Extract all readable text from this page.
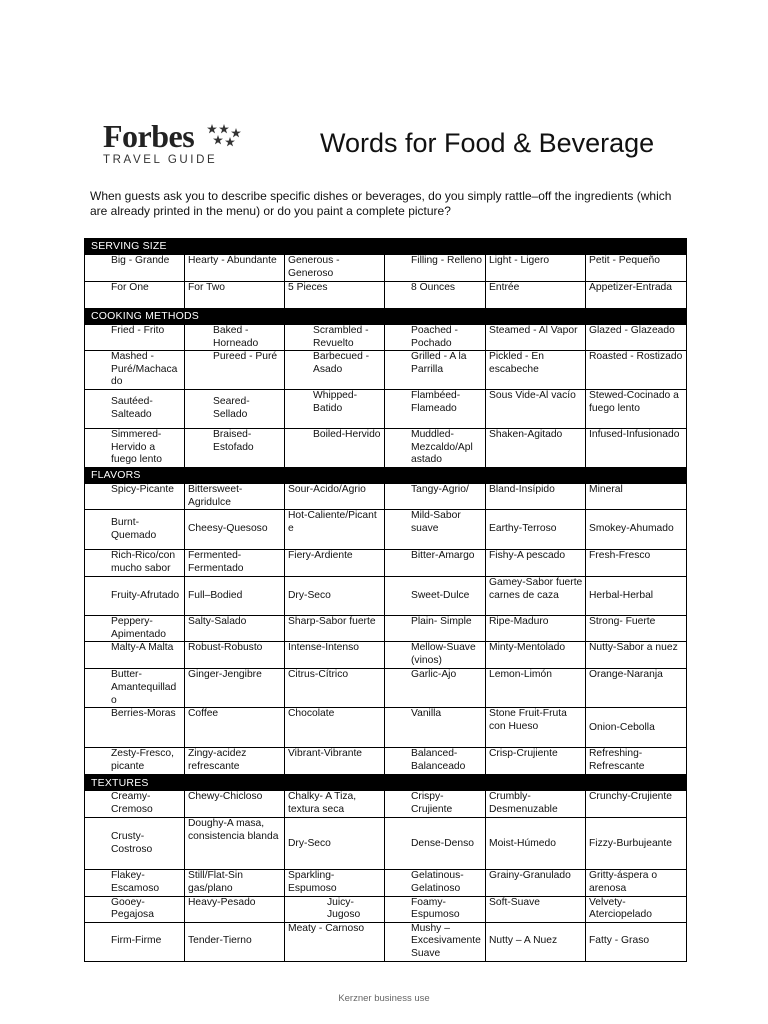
Forbes
TRAVEL GUIDE
Words for Food & Beverage
When guests ask you to describe specific dishes or beverages, do you simply rattle–off the ingredients (which are already printed in the menu) or do you paint a complete picture?
SERVING SIZE					
Big - Grande	Hearty - Abundante	Generous - Generoso	Filling - Relleno	Light - Ligero	Petit - Pequeño
For One	For Two	5 Pieces	8 Ounces	Entrée	Appetizer-Entrada
COOKING METHODS					
Fried - Frito	Baked - Horneado	Scrambled - Revuelto	Poached - Pochado	Steamed - Al Vapor	Glazed - Glazeado
Mashed - Puré/Machacado	Pureed - Puré	Barbecued - Asado	Grilled - A la Parrilla	Pickled - En escabeche	Roasted - Rostizado
Sautéed-Salteado	Seared-Sellado	Whipped-Batido	Flambéed-Flameado	Sous Vide-Al vacío	Stewed-Cocinado a fuego lento
Simmered-Hervido a fuego lento	Braised-Estofado	Boiled-Hervido	Muddled-Mezcaldo/Apl astado	Shaken-Agitado	Infused-Infusionado
FLAVORS					
Spicy-Picante	Bittersweet-Agridulce	Sour-Ácido/Agrio	Tangy-Agrio/	Bland-Insípido	Mineral
Burnt-Quemado	Cheesy-Quesoso	Hot-Caliente/Picant e	Mild-Sabor suave	Earthy-Terroso	Smokey-Ahumado
Rich-Rico/con mucho sabor	Fermented-Fermentado	Fiery-Ardiente	Bitter-Amargo	Fishy-A pescado	Fresh-Fresco
Fruity-Afrutado	Full–Bodied	Dry-Seco	Sweet-Dulce	Gamey-Sabor fuerte carnes de caza	Herbal-Herbal
Peppery-Apimentado	Salty-Salado	Sharp-Sabor fuerte	Plain- Simple	Ripe-Maduro	Strong- Fuerte
Malty-A Malta	Robust-Robusto	Intense-Intenso	Mellow-Suave (vinos)	Minty-Mentolado	Nutty-Sabor a nuez
Butter-Amantequillad o	Ginger-Jengibre	Citrus-Cítrico	Garlic-Ajo	Lemon-Limón	Orange-Naranja
Berries-Moras	Coffee	Chocolate	Vanilla	Stone Fruit-Fruta con Hueso	Onion-Cebolla
Zesty-Fresco, picante	Zingy-acidez refrescante	Vibrant-Vibrante	Balanced-Balanceado	Crisp-Crujiente	Refreshing-Refrescante
TEXTURES					
Creamy-Cremoso	Chewy-Chicloso	Chalky- A Tiza, textura seca	Crispy-Crujiente	Crumbly-Desmenuzable	Crunchy-Crujiente
Crusty-Costroso	Doughy-A masa, consistencia blanda	Dry-Seco	Dense-Denso	Moist-Húmedo	Fizzy-Burbujeante
Flakey-Escamoso	Still/Flat-Sin gas/plano	Sparkling-Espumoso	Gelatinous-Gelatinoso	Grainy-Granulado	Gritty-áspera o arenosa
Gooey-Pegajosa	Heavy-Pesado	Juicy-Jugoso	Foamy-Espumoso	Soft-Suave	Velvety-Aterciopelado
Firm-Firme	Tender-Tierno	Meaty - Carnoso	Mushy – Excesivamente Suave	Nutty – A Nuez	Fatty - Graso
Kerzner business use
